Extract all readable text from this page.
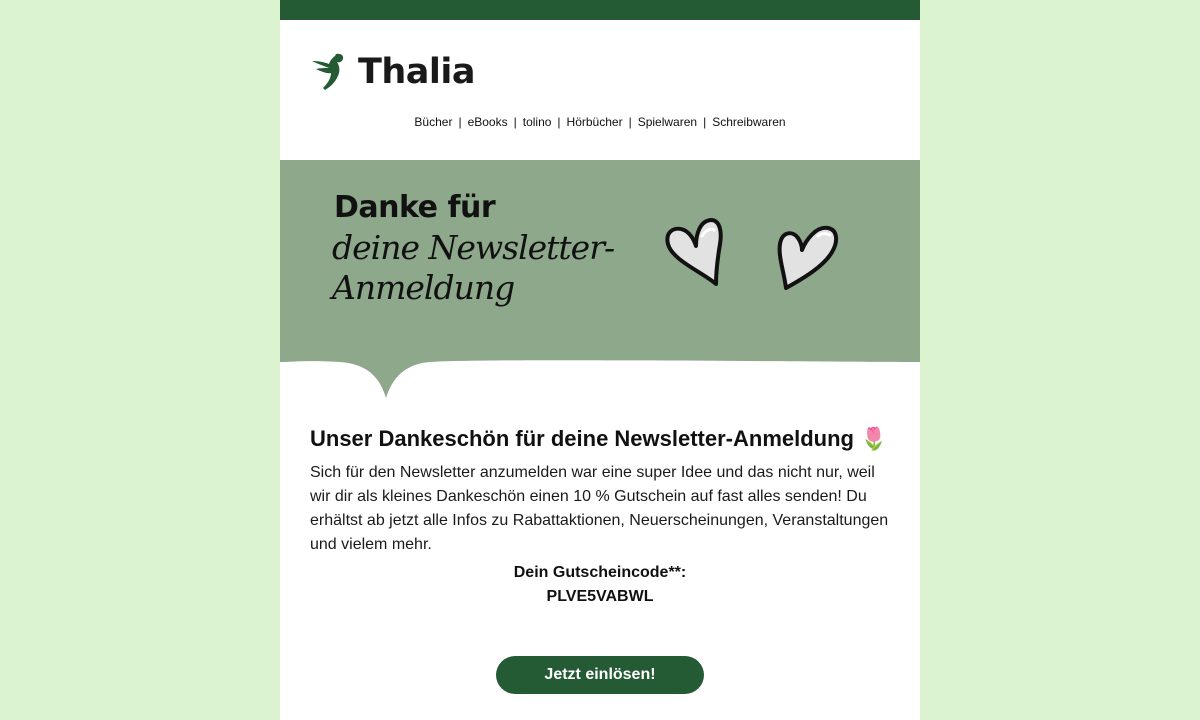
Thalia
Bücher | eBooks | tolino | Hörbücher | Spielwaren | Schreibwaren
Danke für
deine Newsletter-
Anmeldung
Unser Dankeschön für deine Newsletter-Anmeldung 🌷

Sich für den Newsletter anzumelden war eine super Idee und das nicht nur, weil wir dir als kleines Dankeschön einen 10 % Gutschein auf fast alles senden! Du erhältst ab jetzt alle Infos zu Rabattaktionen, Neuerscheinungen, Veranstaltungen und vielem mehr.

Dein Gutscheincode**:
PLVE5VABWL
Jetzt einlösen!
